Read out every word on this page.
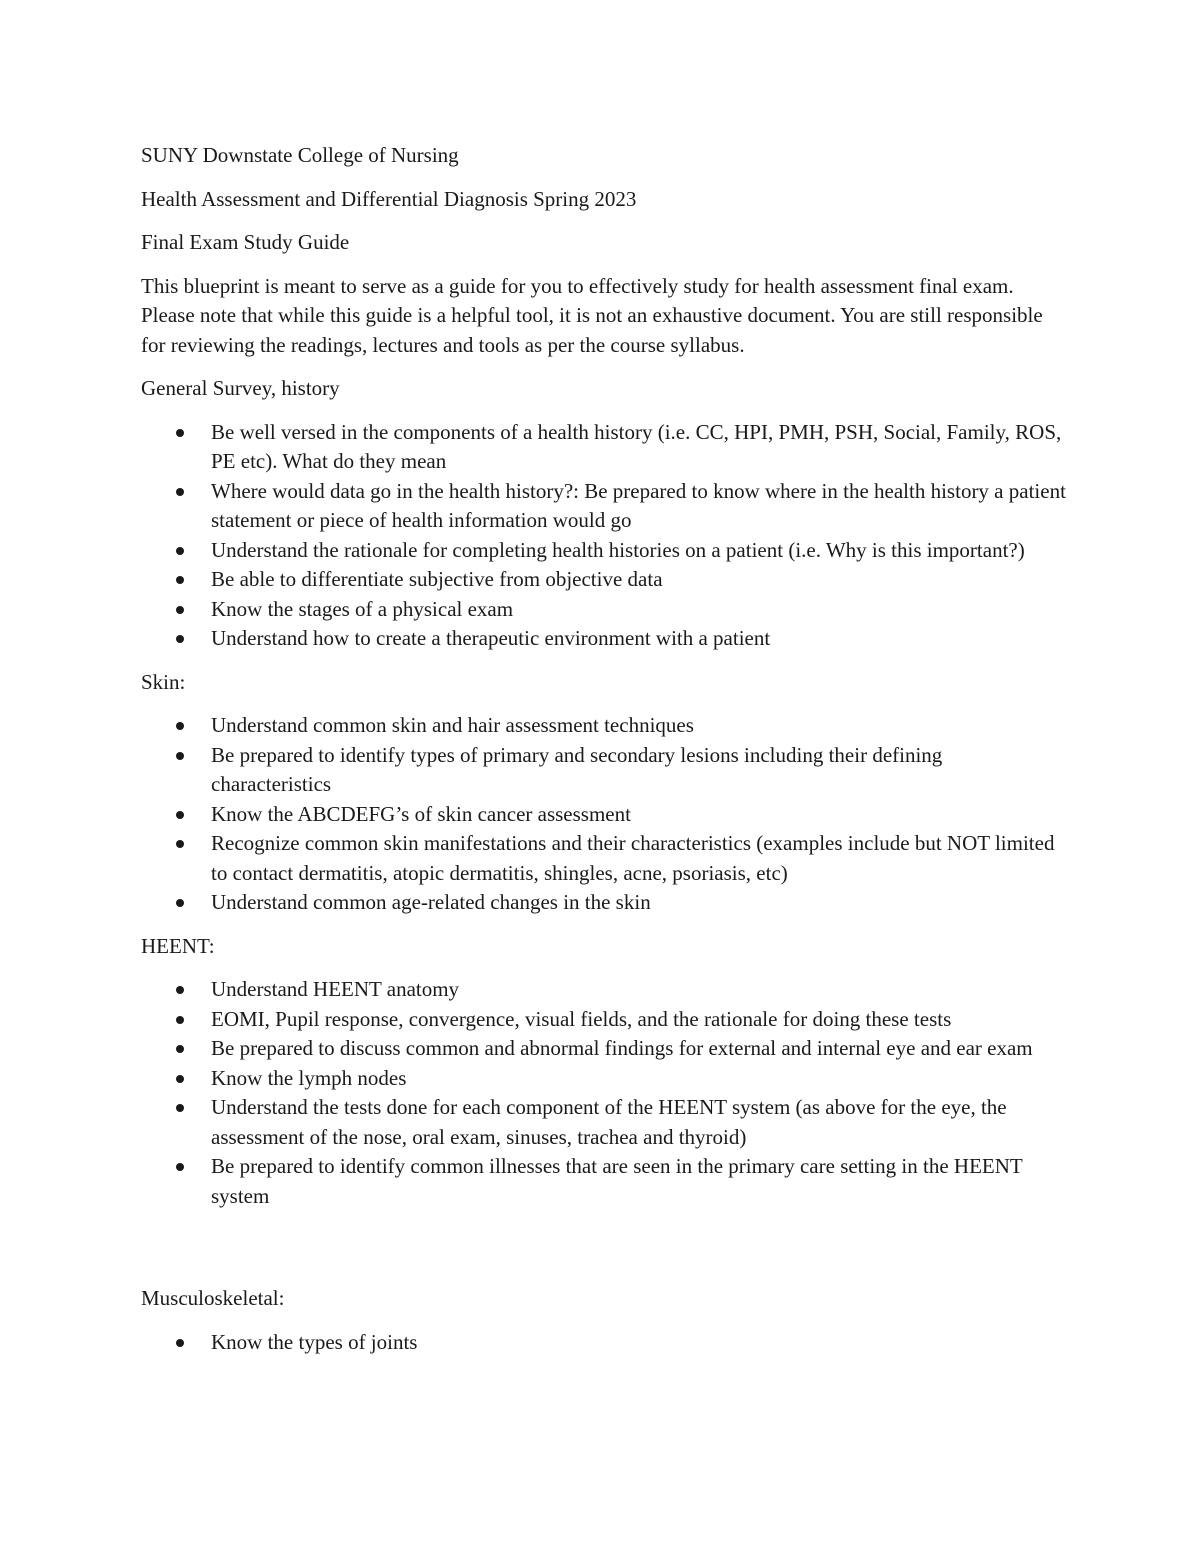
SUNY Downstate College of Nursing

Health Assessment and Differential Diagnosis Spring 2023

Final Exam Study Guide

This blueprint is meant to serve as a guide for you to effectively study for health assessment final exam. Please note that while this guide is a helpful tool, it is not an exhaustive document. You are still responsible for reviewing the readings, lectures and tools as per the course syllabus.

General Survey, history

Be well versed in the components of a health history (i.e. CC, HPI, PMH, PSH, Social, Family, ROS, PE etc). What do they mean
Where would data go in the health history?: Be prepared to know where in the health history a patient statement or piece of health information would go
Understand the rationale for completing health histories on a patient (i.e. Why is this important?)
Be able to differentiate subjective from objective data
Know the stages of a physical exam
Understand how to create a therapeutic environment with a patient

Skin:

Understand common skin and hair assessment techniques
Be prepared to identify types of primary and secondary lesions including their defining characteristics
Know the ABCDEFG’s of skin cancer assessment
Recognize common skin manifestations and their characteristics (examples include but NOT limited to contact dermatitis, atopic dermatitis, shingles, acne, psoriasis, etc)
Understand common age-related changes in the skin

HEENT:

Understand HEENT anatomy
EOMI, Pupil response, convergence, visual fields, and the rationale for doing these tests
Be prepared to discuss common and abnormal findings for external and internal eye and ear exam
Know the lymph nodes
Understand the tests done for each component of the HEENT system (as above for the eye, the assessment of the nose, oral exam, sinuses, trachea and thyroid)
Be prepared to identify common illnesses that are seen in the primary care setting in the HEENT system

Musculoskeletal:

Know the types of joints
